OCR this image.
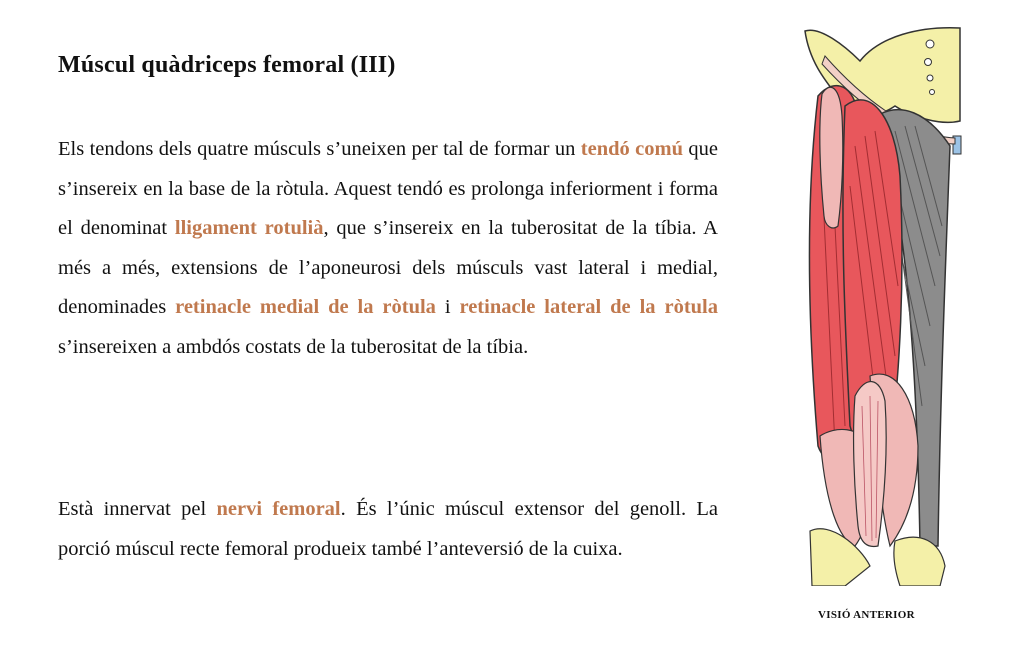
Múscul quàdriceps femoral (III)

Els tendons dels quatre músculs s’uneixen per tal de formar un tendó comú que s’insereix en la base de la ròtula. Aquest tendó es prolonga inferiorment i forma el denominat lligament rotulià, que s’insereix en la tuberositat de la tíbia. A més a més, extensions de l’aponeurosi dels músculs vast lateral i medial, denominades retinacle medial de la ròtula i retinacle lateral de la ròtula s’insereixen a ambdós costats de la tuberositat de la tíbia.

Està innervat pel nervi femoral. És l’únic múscul extensor del genoll. La porció múscul recte femoral produeix també l’anteversió de la cuixa.

VISIÓ ANTERIOR
